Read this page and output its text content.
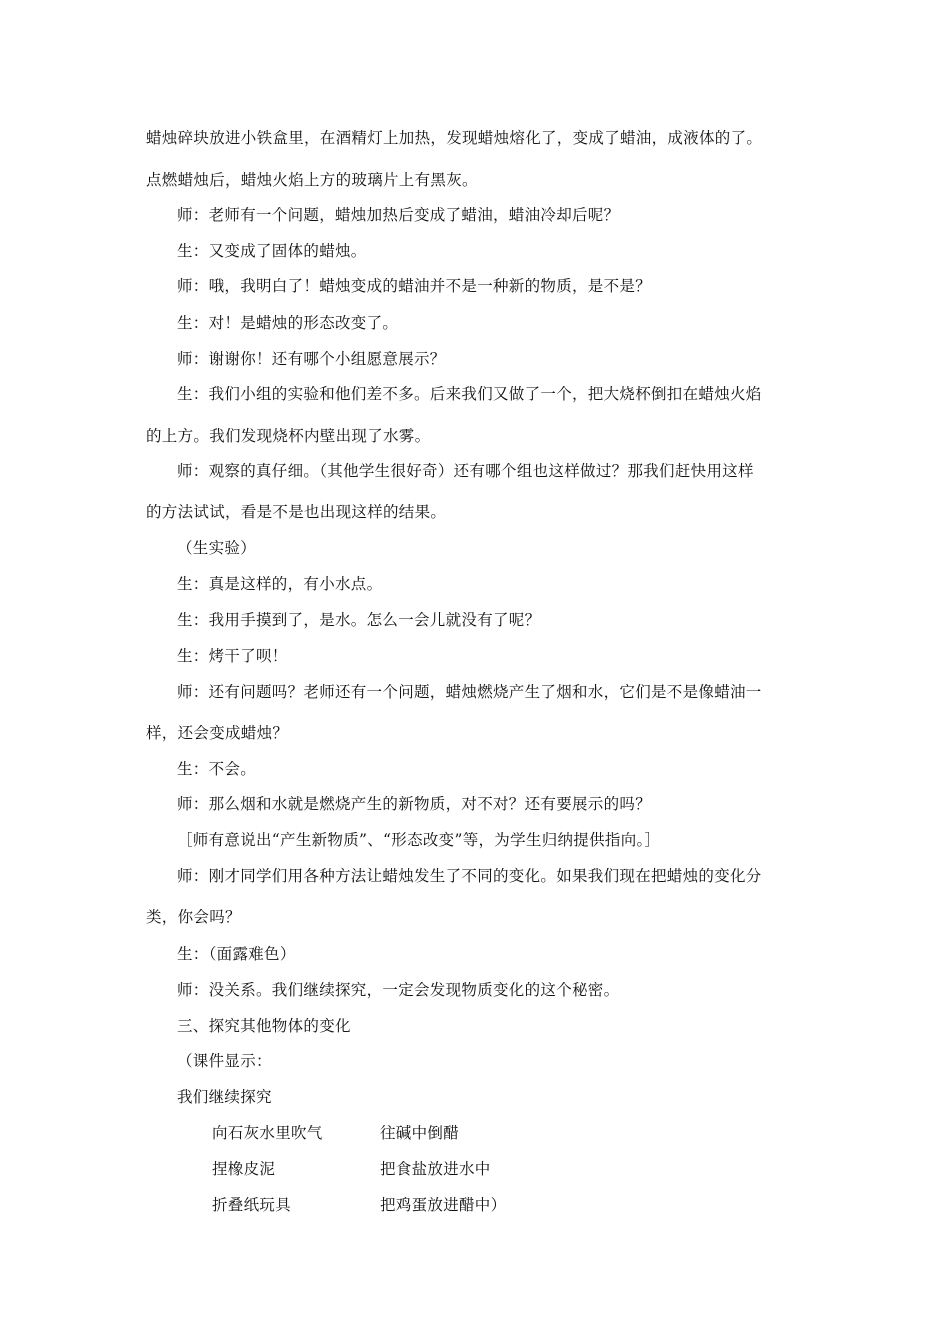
蜡烛碎块放进小铁盒里，在酒精灯上加热，发现蜡烛熔化了，变成了蜡油，成液体的了。
点燃蜡烛后，蜡烛火焰上方的玻璃片上有黑灰。
师：老师有一个问题，蜡烛加热后变成了蜡油，蜡油冷却后呢？
生：又变成了固体的蜡烛。
师：哦，我明白了！蜡烛变成的蜡油并不是一种新的物质，是不是？
生：对！是蜡烛的形态改变了。
师：谢谢你！还有哪个小组愿意展示？
生：我们小组的实验和他们差不多。后来我们又做了一个，把大烧杯倒扣在蜡烛火焰
的上方。我们发现烧杯内壁出现了水雾。
师：观察的真仔细。（其他学生很好奇）还有哪个组也这样做过？那我们赶快用这样
的方法试试，看是不是也出现这样的结果。
（生实验）
生：真是这样的，有小水点。
生：我用手摸到了，是水。怎么一会儿就没有了呢？
生：烤干了呗！
师：还有问题吗？老师还有一个问题，蜡烛燃烧产生了烟和水，它们是不是像蜡油一
样，还会变成蜡烛？
生：不会。
师：那么烟和水就是燃烧产生的新物质，对不对？还有要展示的吗？
［师有意说出“产生新物质”、“形态改变”等，为学生归纳提供指向。］
师：刚才同学们用各种方法让蜡烛发生了不同的变化。如果我们现在把蜡烛的变化分
类，你会吗？
生：（面露难色）
师：没关系。我们继续探究，一定会发现物质变化的这个秘密。
三、探究其他物体的变化
（课件显示：
我们继续探究
向石灰水里吹气	往碱中倒醋
捏橡皮泥	把食盐放进水中
折叠纸玩具	把鸡蛋放进醋中）
